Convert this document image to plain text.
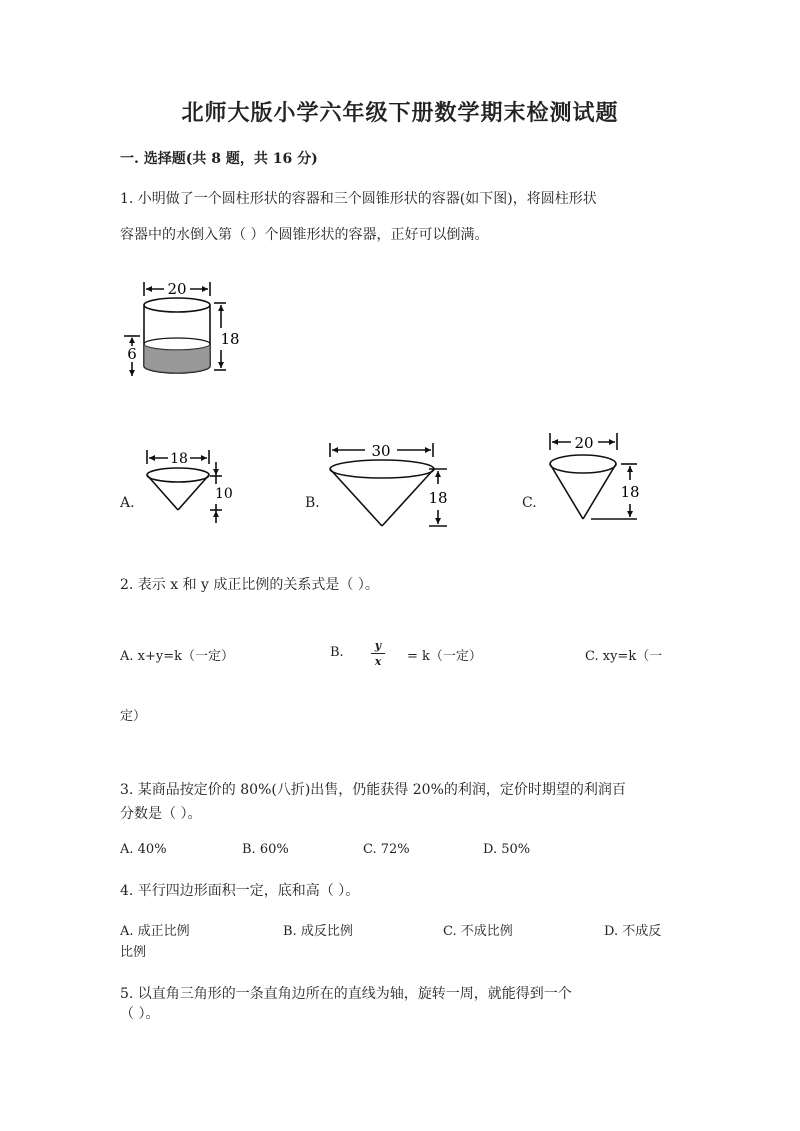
北师大版小学六年级下册数学期末检测试题
一. 选择题(共 8 题，共 16 分)
1. 小明做了一个圆柱形状的容器和三个圆锥形状的容器(如下图)，将圆柱形状
容器中的水倒入第（ ）个圆锥形状的容器，正好可以倒满。
20
18
6
A.
18
10
B.
30
18	C.
20
18
2. 表示 x 和 y 成正比例的关系式是（ ）。
A. x+y=k（一定）	B.	y
x = k（一定）	C. xy=k（一
定）
3. 某商品按定价的 80%(八折)出售，仍能获得 20%的利润，定价时期望的利润百
分数是（ ）。
A. 40%	B. 60%	C. 72%	D. 50%
4. 平行四边形面积一定，底和高（ ）。
A. 成正比例	B. 成反比例	C. 不成比例	D. 不成反
比例
5. 以直角三角形的一条直角边所在的直线为轴，旋转一周，就能得到一个
（ ）。
